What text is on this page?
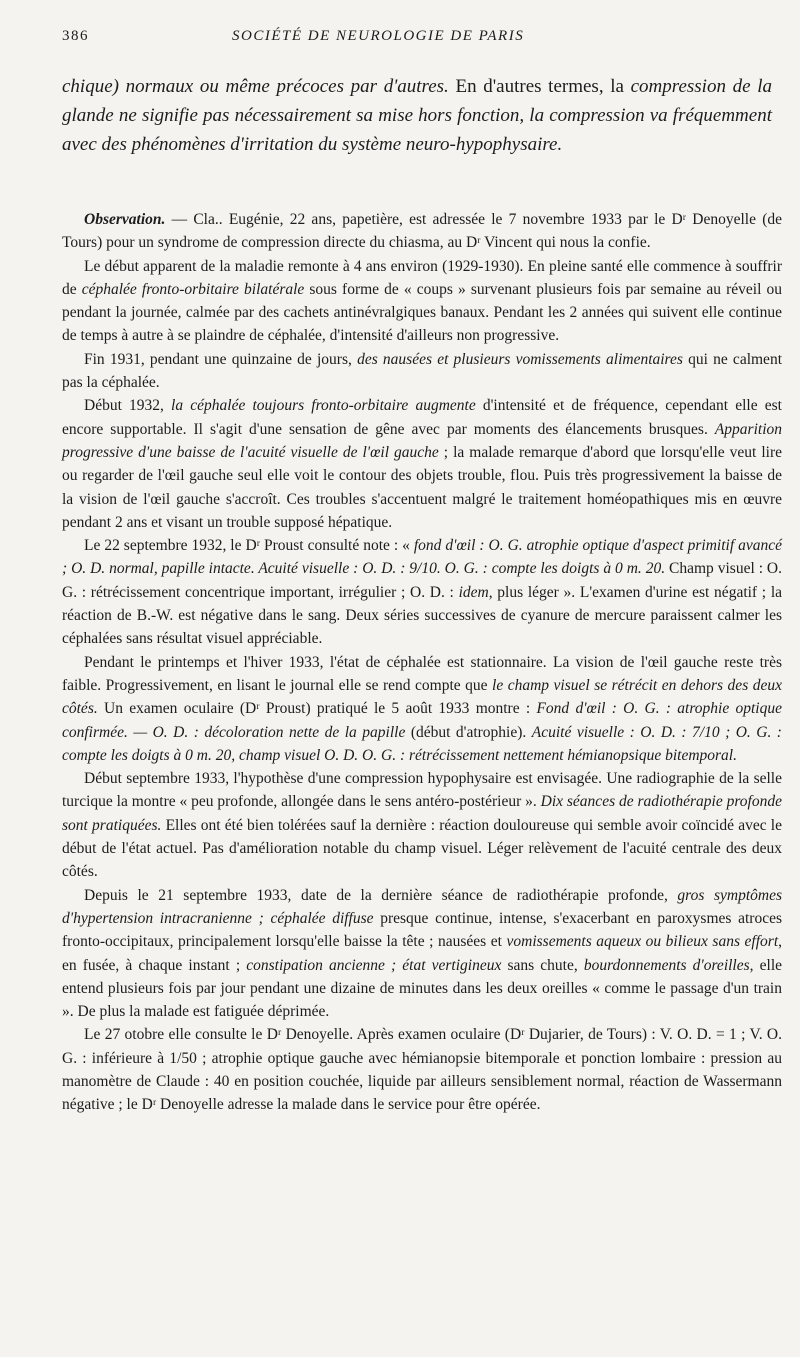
386	SOCIÉTÉ DE NEUROLOGIE DE PARIS
chique) normaux ou même précoces par d'autres. En d'autres termes, la compression de la glande ne signifie pas nécessairement sa mise hors fonction, la compression va fréquemment avec des phénomènes d'irritation du système neuro-hypophysaire.

Observation. — Cla.. Eugénie, 22 ans, papetière, est adressée le 7 novembre 1933 par le Dʳ Denoyelle (de Tours) pour un syndrome de compression directe du chiasma, au Dʳ Vincent qui nous la confie.

Le début apparent de la maladie remonte à 4 ans environ (1929-1930). En pleine santé elle commence à souffrir de céphalée fronto-orbitaire bilatérale sous forme de « coups » survenant plusieurs fois par semaine au réveil ou pendant la journée, calmée par des cachets antinévralgiques banaux. Pendant les 2 années qui suivent elle continue de temps à autre à se plaindre de céphalée, d'intensité d'ailleurs non progressive.

Fin 1931, pendant une quinzaine de jours, des nausées et plusieurs vomissements alimentaires qui ne calment pas la céphalée.

Début 1932, la céphalée toujours fronto-orbitaire augmente d'intensité et de fréquence, cependant elle est encore supportable. Il s'agit d'une sensation de gêne avec par moments des élancements brusques. Apparition progressive d'une baisse de l'acuité visuelle de l'œil gauche ; la malade remarque d'abord que lorsqu'elle veut lire ou regarder de l'œil gauche seul elle voit le contour des objets trouble, flou. Puis très progressivement la baisse de la vision de l'œil gauche s'accroît. Ces troubles s'accentuent malgré le traitement homéopathiques mis en œuvre pendant 2 ans et visant un trouble supposé hépatique.

Le 22 septembre 1932, le Dʳ Proust consulté note : « fond d'œil : O. G. atrophie optique d'aspect primitif avancé ; O. D. normal, papille intacte. Acuité visuelle : O. D. : 9/10. O. G. : compte les doigts à 0 m. 20. Champ visuel : O. G. : rétrécissement concentrique important, irrégulier ; O. D. : idem, plus léger ». L'examen d'urine est négatif ; la réaction de B.-W. est négative dans le sang. Deux séries successives de cyanure de mercure paraissent calmer les céphalées sans résultat visuel appréciable.

Pendant le printemps et l'hiver 1933, l'état de céphalée est stationnaire. La vision de l'œil gauche reste très faible. Progressivement, en lisant le journal elle se rend compte que le champ visuel se rétrécit en dehors des deux côtés. Un examen oculaire (Dʳ Proust) pratiqué le 5 août 1933 montre : Fond d'œil : O. G. : atrophie optique confirmée. — O. D. : décoloration nette de la papille (début d'atrophie). Acuité visuelle : O. D. : 7/10 ; O. G. : compte les doigts à 0 m. 20, champ visuel O. D. O. G. : rétrécissement nettement hémianopsique bitemporal.

Début septembre 1933, l'hypothèse d'une compression hypophysaire est envisagée. Une radiographie de la selle turcique la montre « peu profonde, allongée dans le sens antéro-postérieur ». Dix séances de radiothérapie profonde sont pratiquées. Elles ont été bien tolérées sauf la dernière : réaction douloureuse qui semble avoir coïncidé avec le début de l'état actuel. Pas d'amélioration notable du champ visuel. Léger relèvement de l'acuité centrale des deux côtés.

Depuis le 21 septembre 1933, date de la dernière séance de radiothérapie profonde, gros symptômes d'hypertension intracranienne ; céphalée diffuse presque continue, intense, s'exacerbant en paroxysmes atroces fronto-occipitaux, principalement lorsqu'elle baisse la tête ; nausées et vomissements aqueux ou bilieux sans effort, en fusée, à chaque instant ; constipation ancienne ; état vertigineux sans chute, bourdonnements d'oreilles, elle entend plusieurs fois par jour pendant une dizaine de minutes dans les deux oreilles « comme le passage d'un train ». De plus la malade est fatiguée déprimée.

Le 27 otobre elle consulte le Dʳ Denoyelle. Après examen oculaire (Dʳ Dujarier, de Tours) : V. O. D. = 1 ; V. O. G. : inférieure à 1/50 ; atrophie optique gauche avec hémianopsie bitemporale et ponction lombaire : pression au manomètre de Claude : 40 en position couchée, liquide par ailleurs sensiblement normal, réaction de Wassermann négative ; le Dʳ Denoyelle adresse la malade dans le service pour être opérée.
